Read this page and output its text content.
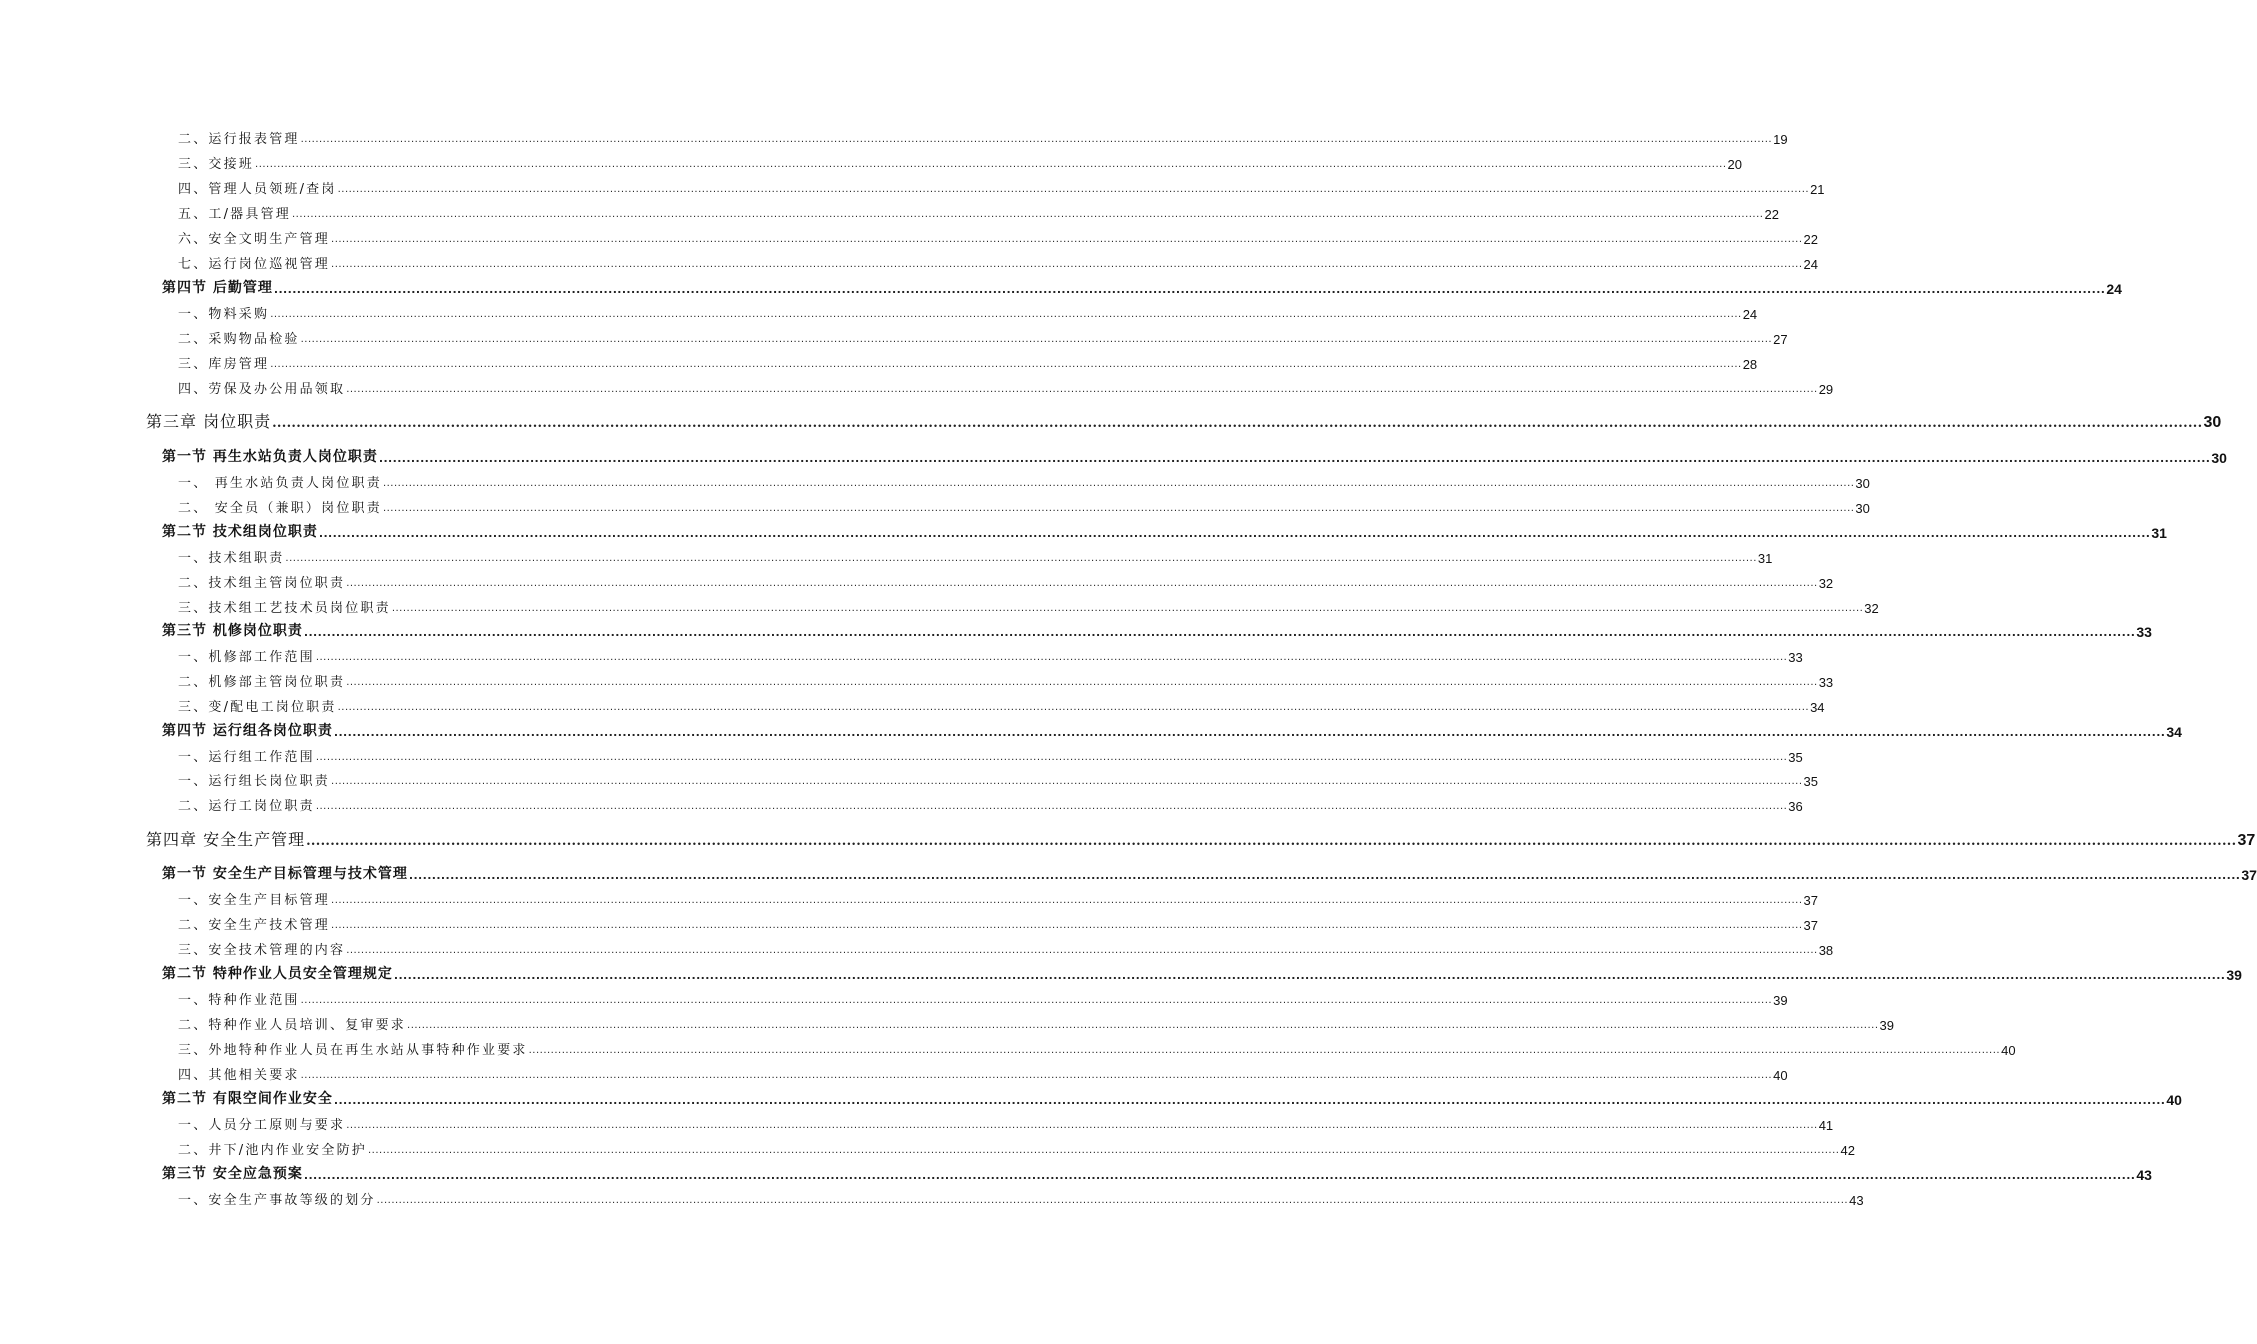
二、运行报表管理 ................................................................................................................................................................................................................................................................................................................................................................................................................ 19
三、交接班 ................................................................................................................................................................................................................................................................................................................................................................................................................ 20
四、管理人员领班/查岗 ................................................................................................................................................................................................................................................................................................................................................................................................................ 21
五、工/器具管理 ................................................................................................................................................................................................................................................................................................................................................................................................................ 22
六、安全文明生产管理 ................................................................................................................................................................................................................................................................................................................................................................................................................ 22
七、运行岗位巡视管理 ................................................................................................................................................................................................................................................................................................................................................................................................................ 24
第四节 后勤管理 ................................................................................................................................................................................................................................................................................................................................................................................................................ 24
一、物料采购 ................................................................................................................................................................................................................................................................................................................................................................................................................ 24
二、采购物品检验 ................................................................................................................................................................................................................................................................................................................................................................................................................ 27
三、库房管理 ................................................................................................................................................................................................................................................................................................................................................................................................................ 28
四、劳保及办公用品领取 ................................................................................................................................................................................................................................................................................................................................................................................................................ 29
第三章 岗位职责 ................................................................................................................................................................................................................................................................................................................................................................................................................ 30
第一节 再生水站负责人岗位职责 ................................................................................................................................................................................................................................................................................................................................................................................................................ 30
一、 再生水站负责人岗位职责 ................................................................................................................................................................................................................................................................................................................................................................................................................ 30
二、 安全员（兼职）岗位职责 ................................................................................................................................................................................................................................................................................................................................................................................................................ 30
第二节 技术组岗位职责 ................................................................................................................................................................................................................................................................................................................................................................................................................ 31
一、技术组职责 ................................................................................................................................................................................................................................................................................................................................................................................................................ 31
二、技术组主管岗位职责 ................................................................................................................................................................................................................................................................................................................................................................................................................ 32
三、技术组工艺技术员岗位职责 ................................................................................................................................................................................................................................................................................................................................................................................................................ 32
第三节 机修岗位职责 ................................................................................................................................................................................................................................................................................................................................................................................................................ 33
一、机修部工作范围 ................................................................................................................................................................................................................................................................................................................................................................................................................ 33
二、机修部主管岗位职责 ................................................................................................................................................................................................................................................................................................................................................................................................................ 33
三、变/配电工岗位职责 ................................................................................................................................................................................................................................................................................................................................................................................................................ 34
第四节 运行组各岗位职责 ................................................................................................................................................................................................................................................................................................................................................................................................................ 34
一、运行组工作范围 ................................................................................................................................................................................................................................................................................................................................................................................................................ 35
一、运行组长岗位职责 ................................................................................................................................................................................................................................................................................................................................................................................................................ 35
二、运行工岗位职责 ................................................................................................................................................................................................................................................................................................................................................................................................................ 36
第四章 安全生产管理 ................................................................................................................................................................................................................................................................................................................................................................................................................ 37
第一节 安全生产目标管理与技术管理 ................................................................................................................................................................................................................................................................................................................................................................................................................ 37
一、安全生产目标管理 ................................................................................................................................................................................................................................................................................................................................................................................................................ 37
二、安全生产技术管理 ................................................................................................................................................................................................................................................................................................................................................................................................................ 37
三、安全技术管理的内容 ................................................................................................................................................................................................................................................................................................................................................................................................................ 38
第二节 特种作业人员安全管理规定 ................................................................................................................................................................................................................................................................................................................................................................................................................ 39
一、特种作业范围 ................................................................................................................................................................................................................................................................................................................................................................................................................ 39
二、特种作业人员培训、复审要求 ................................................................................................................................................................................................................................................................................................................................................................................................................ 39
三、外地特种作业人员在再生水站从事特种作业要求 ................................................................................................................................................................................................................................................................................................................................................................................................................ 40
四、其他相关要求 ................................................................................................................................................................................................................................................................................................................................................................................................................ 40
第二节 有限空间作业安全 ................................................................................................................................................................................................................................................................................................................................................................................................................ 40
一、人员分工原则与要求 ................................................................................................................................................................................................................................................................................................................................................................................................................ 41
二、井下/池内作业安全防护 ................................................................................................................................................................................................................................................................................................................................................................................................................ 42
第三节 安全应急预案 ................................................................................................................................................................................................................................................................................................................................................................................................................ 43
一、安全生产事故等级的划分 ................................................................................................................................................................................................................................................................................................................................................................................................................ 43
